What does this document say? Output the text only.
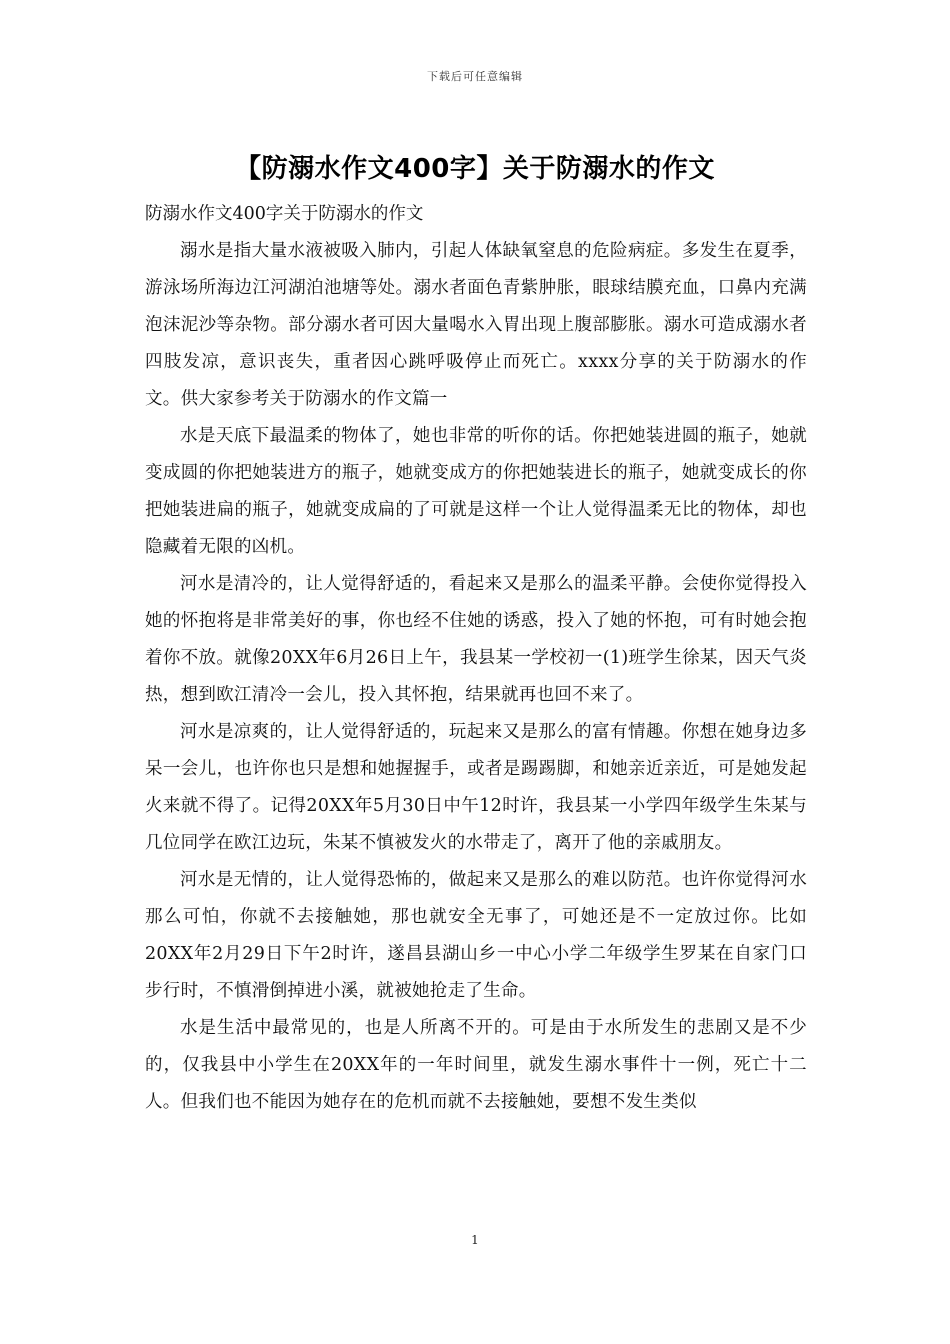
下载后可任意编辑
【防溺水作文400字】关于防溺水的作文

防溺水作文400字关于防溺水的作文

溺水是指大量水液被吸入肺内，引起人体缺氧窒息的危险病症。多发生在夏季，游泳场所海边江河湖泊池塘等处。溺水者面色青紫肿胀，眼球结膜充血，口鼻内充满泡沫泥沙等杂物。部分溺水者可因大量喝水入胃出现上腹部膨胀。溺水可造成溺水者四肢发凉，意识丧失，重者因心跳呼吸停止而死亡。xxxx分享的关于防溺水的作文。供大家参考关于防溺水的作文篇一

水是天底下最温柔的物体了，她也非常的听你的话。你把她装进圆的瓶子，她就变成圆的你把她装进方的瓶子，她就变成方的你把她装进长的瓶子，她就变成长的你把她装进扁的瓶子，她就变成扁的了可就是这样一个让人觉得温柔无比的物体，却也隐藏着无限的凶机。

河水是清冷的，让人觉得舒适的，看起来又是那么的温柔平静。会使你觉得投入她的怀抱将是非常美好的事，你也经不住她的诱惑，投入了她的怀抱，可有时她会抱着你不放。就像20XX年6月26日上午，我县某一学校初一(1)班学生徐某，因天气炎热，想到欧江清冷一会儿，投入其怀抱，结果就再也回不来了。

河水是凉爽的，让人觉得舒适的，玩起来又是那么的富有情趣。你想在她身边多呆一会儿，也许你也只是想和她握握手，或者是踢踢脚，和她亲近亲近，可是她发起火来就不得了。记得20XX年5月30日中午12时许，我县某一小学四年级学生朱某与几位同学在欧江边玩，朱某不慎被发火的水带走了，离开了他的亲戚朋友。

河水是无情的，让人觉得恐怖的，做起来又是那么的难以防范。也许你觉得河水那么可怕，你就不去接触她，那也就安全无事了，可她还是不一定放过你。比如20XX年2月29日下午2时许，遂昌县湖山乡一中心小学二年级学生罗某在自家门口步行时，不慎滑倒掉进小溪，就被她抢走了生命。

水是生活中最常见的，也是人所离不开的。可是由于水所发生的悲剧又是不少的，仅我县中小学生在20XX年的一年时间里，就发生溺水事件十一例，死亡十二人。但我们也不能因为她存在的危机而就不去接触她，要想不发生类似

1
